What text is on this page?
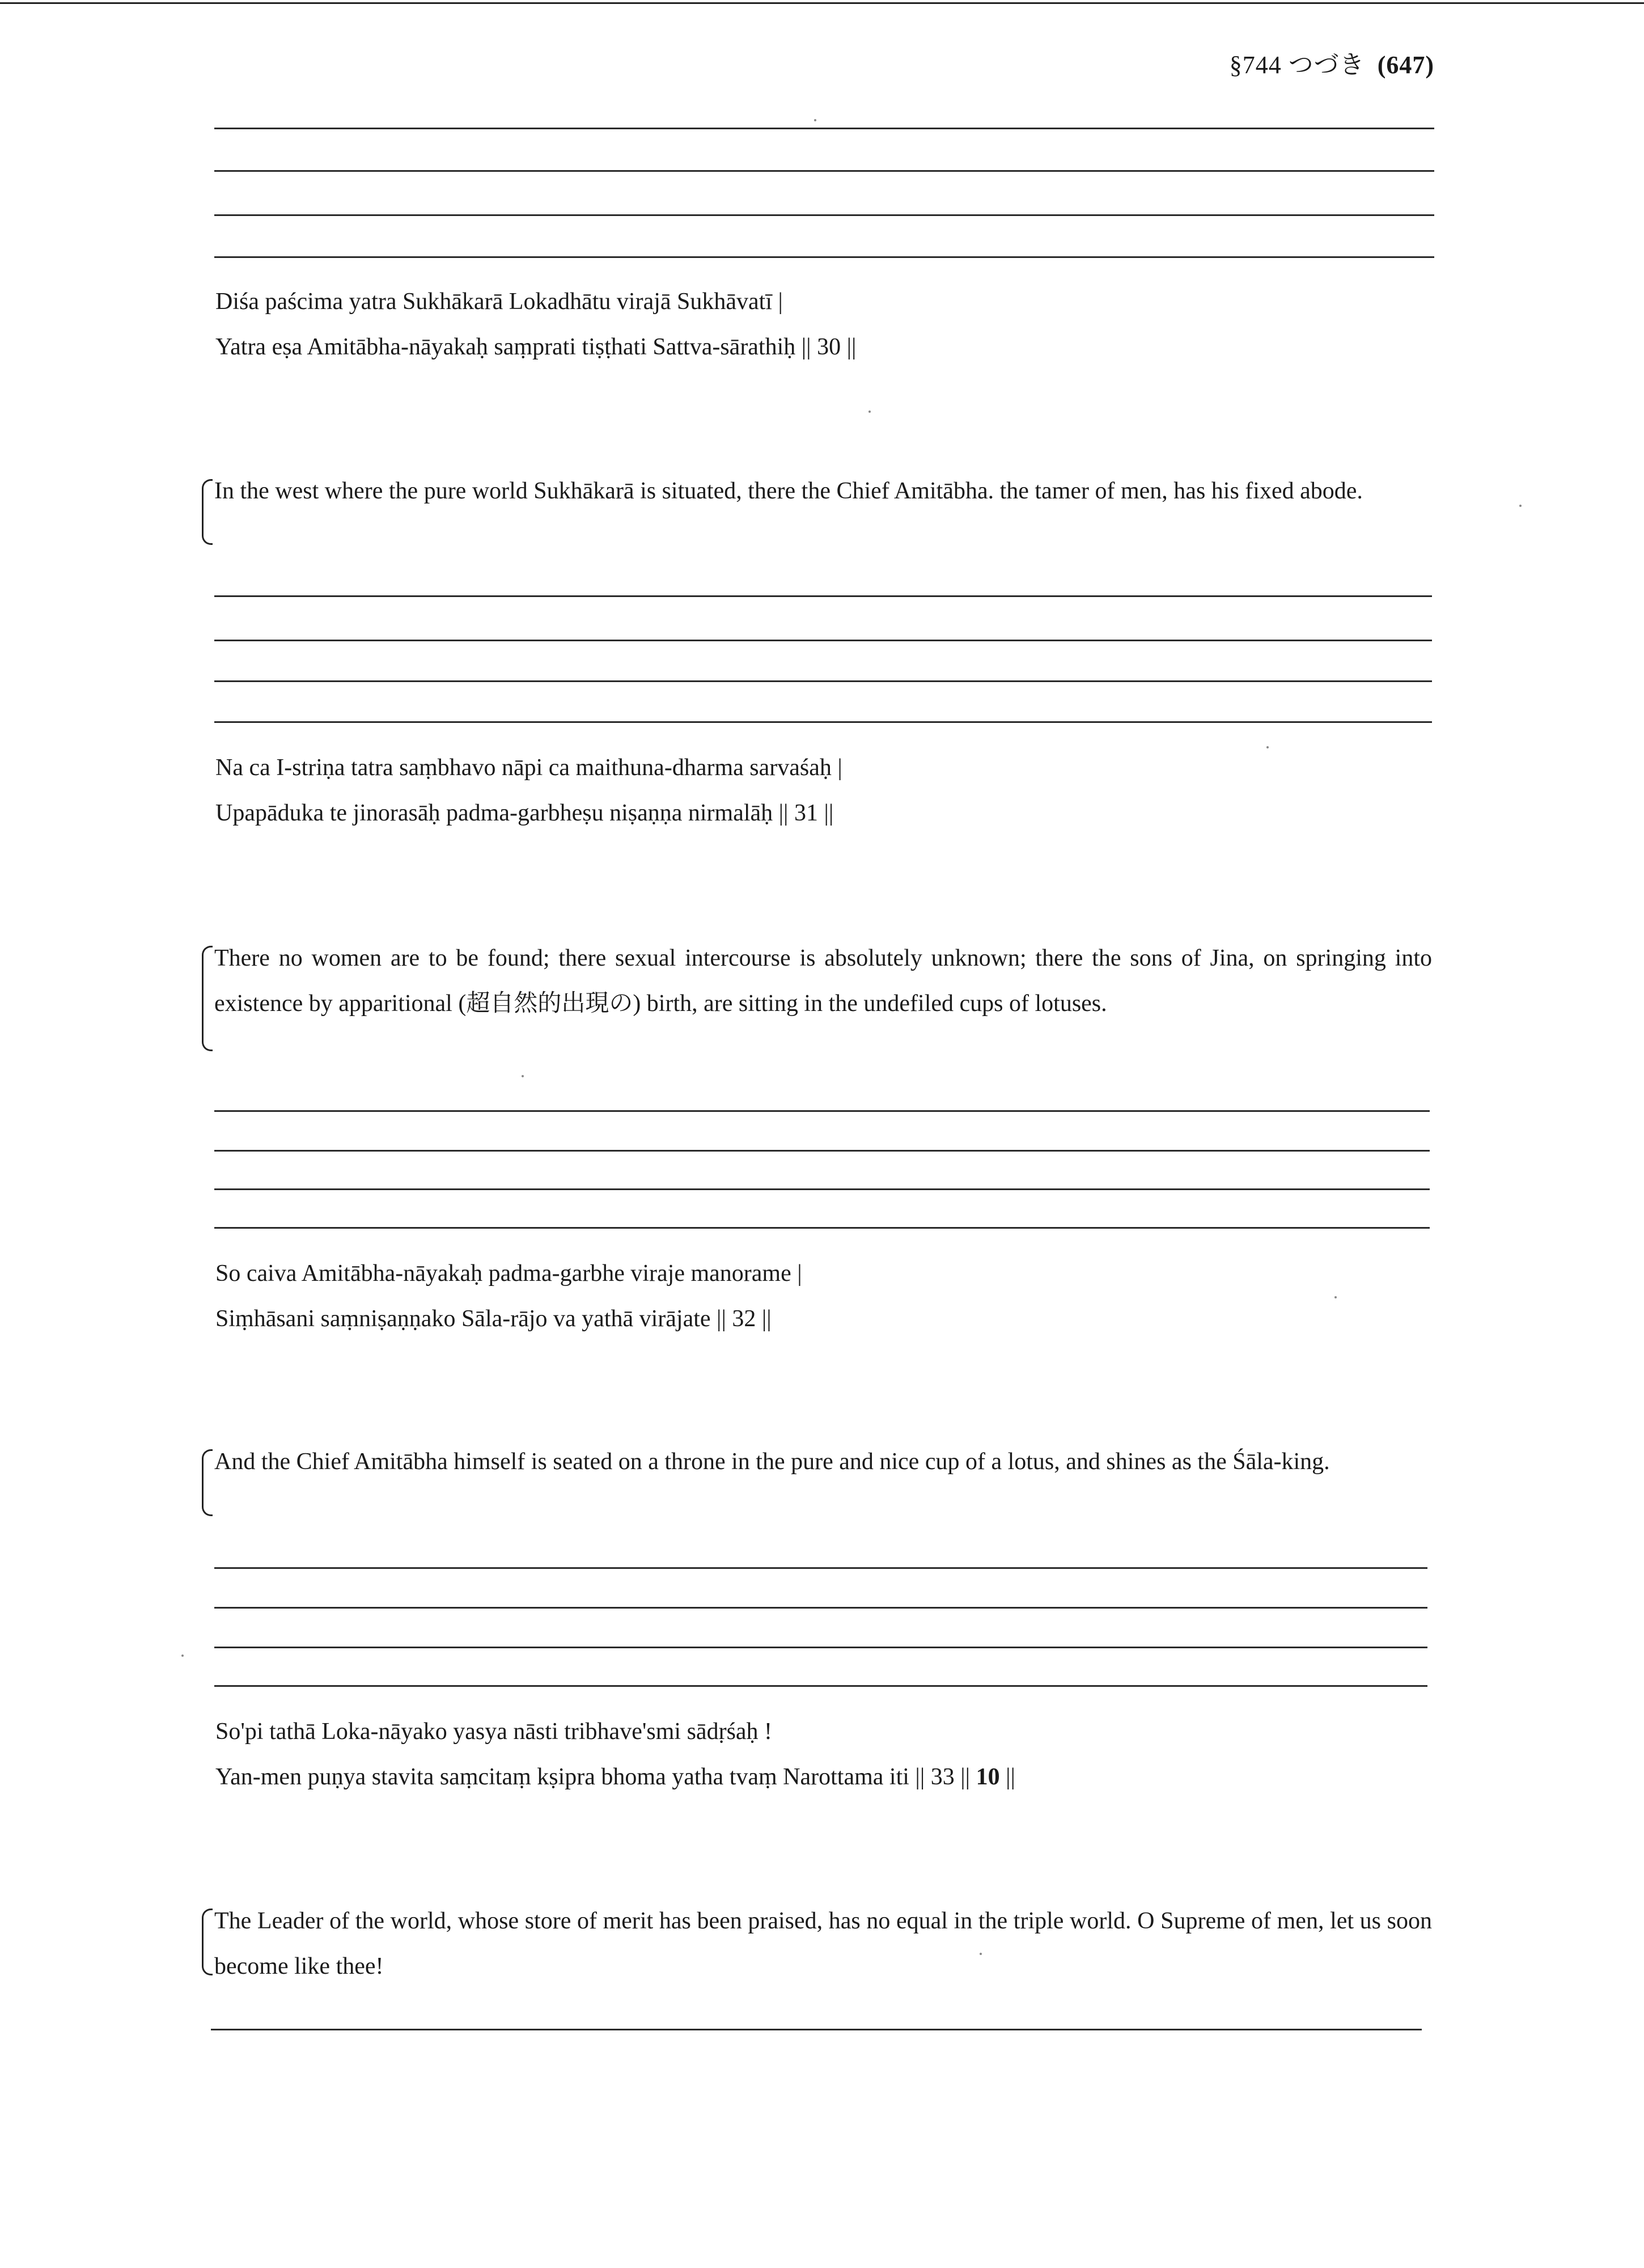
§744 つづき (647)
Diśa paścima yatra Sukhākarā Lokadhātu virajā Sukhāvatī |
Yatra eṣa Amitābha-nāyakaḥ saṃprati tiṣṭhati Sattva-sārathiḥ || 30 ||
In the west where the pure world Sukhākarā is situated, there the Chief Amitābha. the tamer of men, has his fixed abode.
Na ca I-striṇa tatra saṃbhavo nāpi ca maithuna-dharma sarvaśaḥ |
Upapāduka te jinorasāḥ padma-garbheṣu niṣaṇṇa nirmalāḥ || 31 ||
There no women are to be found; there sexual intercourse is absolutely unknown; there the sons of Jina, on springing into existence by apparitional (超自然的出現の) birth, are sitting in the undefiled cups of lotuses.
So caiva Amitābha-nāyakaḥ padma-garbhe viraje manorame |
Siṃhāsani saṃniṣaṇṇako Sāla-rājo va yathā virājate || 32 ||
And the Chief Amitābha himself is seated on a throne in the pure and nice cup of a lotus, and shines as the Śāla-king.
So'pi tathā Loka-nāyako yasya nāsti tribhave'smi sādṛśaḥ !
Yan-men puṇya stavita saṃcitaṃ kṣipra bhoma yatha tvaṃ Narottama iti || 33 || 10 ||
The Leader of the world, whose store of merit has been praised, has no equal in the triple world. O Supreme of men, let us soon become like thee!
